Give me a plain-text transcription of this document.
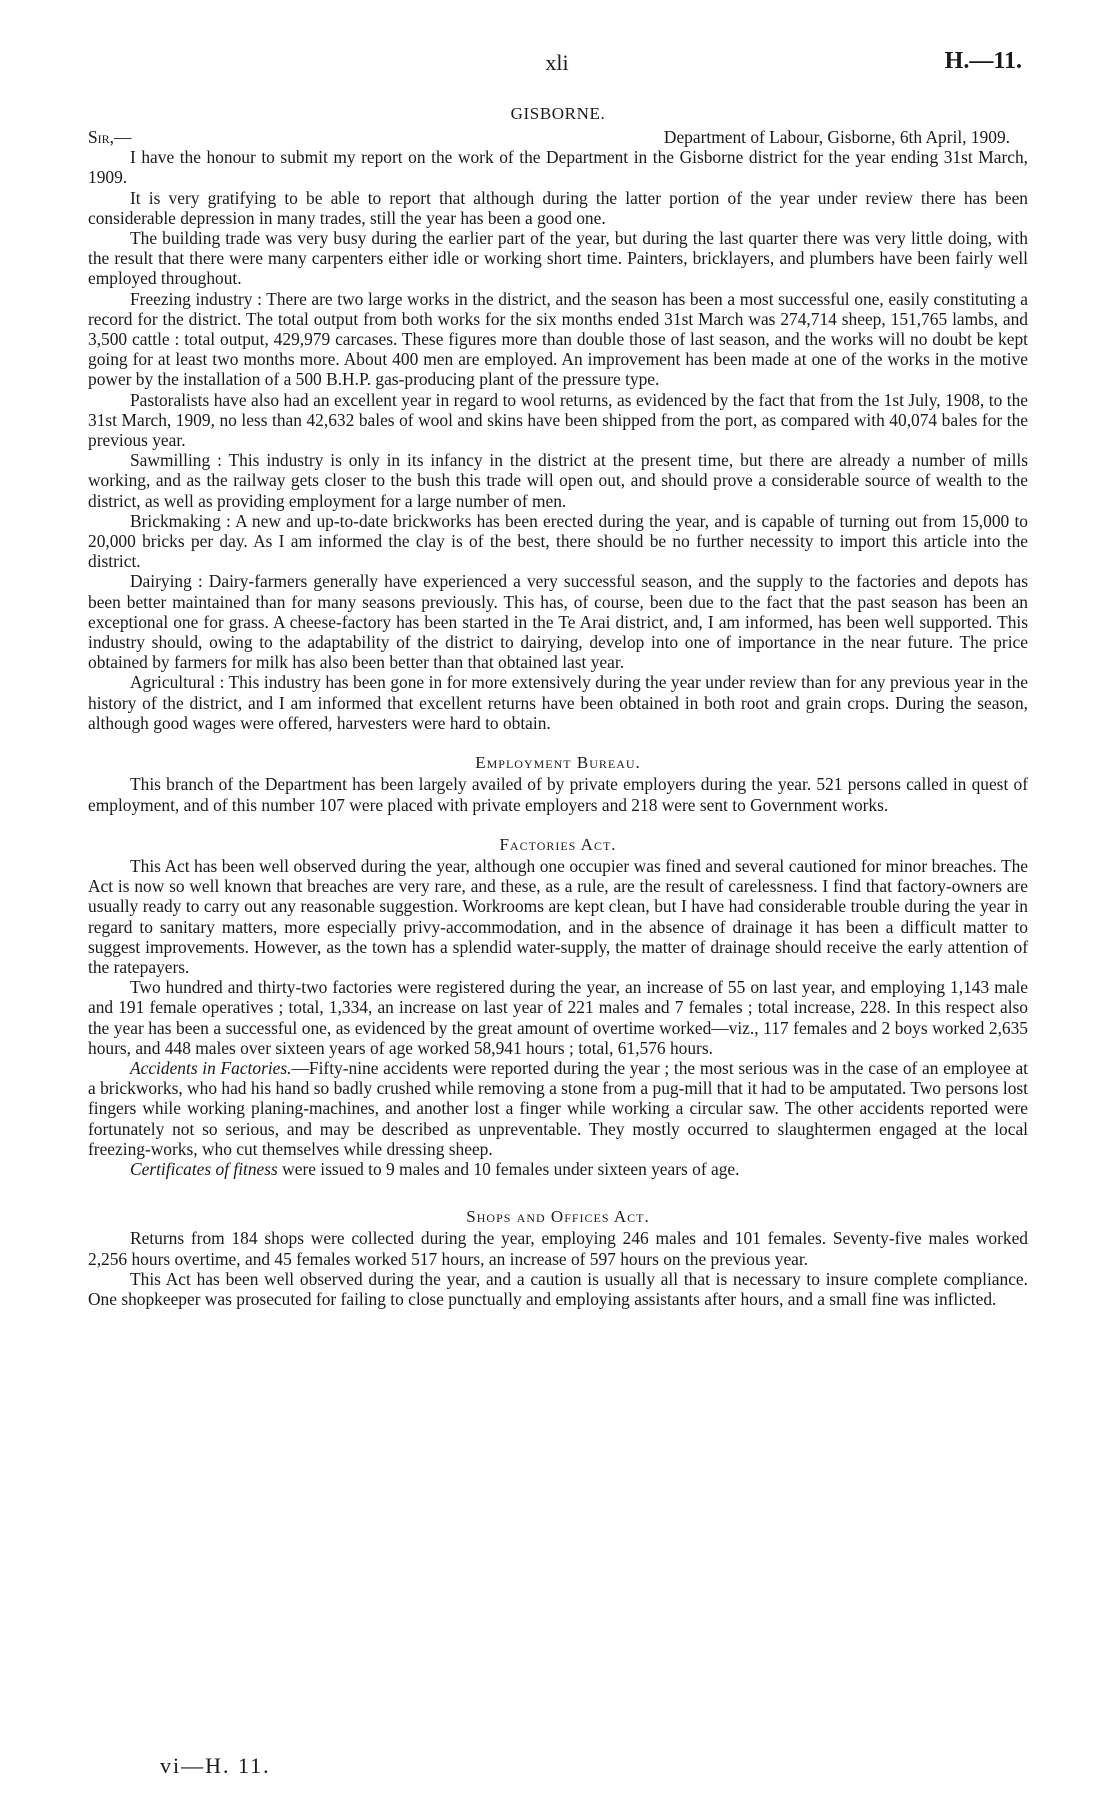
xli	H.—11.
GISBORNE.
Sir,—	Department of Labour, Gisborne, 6th April, 1909.

I have the honour to submit my report on the work of the Department in the Gisborne district for the year ending 31st March, 1909.

It is very gratifying to be able to report that although during the latter portion of the year under review there has been considerable depression in many trades, still the year has been a good one.

The building trade was very busy during the earlier part of the year, but during the last quarter there was very little doing, with the result that there were many carpenters either idle or working short time. Painters, bricklayers, and plumbers have been fairly well employed throughout.

Freezing industry : There are two large works in the district, and the season has been a most successful one, easily constituting a record for the district. The total output from both works for the six months ended 31st March was 274,714 sheep, 151,765 lambs, and 3,500 cattle : total output, 429,979 carcases. These figures more than double those of last season, and the works will no doubt be kept going for at least two months more. About 400 men are employed. An improvement has been made at one of the works in the motive power by the installation of a 500 B.H.P. gas-producing plant of the pressure type.

Pastoralists have also had an excellent year in regard to wool returns, as evidenced by the fact that from the 1st July, 1908, to the 31st March, 1909, no less than 42,632 bales of wool and skins have been shipped from the port, as compared with 40,074 bales for the previous year.

Sawmilling : This industry is only in its infancy in the district at the present time, but there are already a number of mills working, and as the railway gets closer to the bush this trade will open out, and should prove a considerable source of wealth to the district, as well as providing employment for a large number of men.

Brickmaking : A new and up-to-date brickworks has been erected during the year, and is capable of turning out from 15,000 to 20,000 bricks per day. As I am informed the clay is of the best, there should be no further necessity to import this article into the district.

Dairying : Dairy-farmers generally have experienced a very successful season, and the supply to the factories and depots has been better maintained than for many seasons previously. This has, of course, been due to the fact that the past season has been an exceptional one for grass. A cheese-factory has been started in the Te Arai district, and, I am informed, has been well supported. This industry should, owing to the adaptability of the district to dairying, develop into one of importance in the near future. The price obtained by farmers for milk has also been better than that obtained last year.

Agricultural : This industry has been gone in for more extensively during the year under review than for any previous year in the history of the district, and I am informed that excellent returns have been obtained in both root and grain crops. During the season, although good wages were offered, harvesters were hard to obtain.

Employment Bureau.

This branch of the Department has been largely availed of by private employers during the year. 521 persons called in quest of employment, and of this number 107 were placed with private employers and 218 were sent to Government works.

Factories Act.

This Act has been well observed during the year, although one occupier was fined and several cautioned for minor breaches. The Act is now so well known that breaches are very rare, and these, as a rule, are the result of carelessness. I find that factory-owners are usually ready to carry out any reasonable suggestion. Workrooms are kept clean, but I have had considerable trouble during the year in regard to sanitary matters, more especially privy-accommodation, and in the absence of drainage it has been a difficult matter to suggest improvements. However, as the town has a splendid water-supply, the matter of drainage should receive the early attention of the ratepayers.

Two hundred and thirty-two factories were registered during the year, an increase of 55 on last year, and employing 1,143 male and 191 female operatives ; total, 1,334, an increase on last year of 221 males and 7 females ; total increase, 228. In this respect also the year has been a successful one, as evidenced by the great amount of overtime worked—viz., 117 females and 2 boys worked 2,635 hours, and 448 males over sixteen years of age worked 58,941 hours ; total, 61,576 hours.

Accidents in Factories.—Fifty-nine accidents were reported during the year ; the most serious was in the case of an employee at a brickworks, who had his hand so badly crushed while removing a stone from a pug-mill that it had to be amputated. Two persons lost fingers while working planing-machines, and another lost a finger while working a circular saw. The other accidents reported were fortunately not so serious, and may be described as unpreventable. They mostly occurred to slaughtermen engaged at the local freezing-works, who cut themselves while dressing sheep.

Certificates of fitness were issued to 9 males and 10 females under sixteen years of age.

Shops and Offices Act.

Returns from 184 shops were collected during the year, employing 246 males and 101 females. Seventy-five males worked 2,256 hours overtime, and 45 females worked 517 hours, an increase of 597 hours on the previous year.

This Act has been well observed during the year, and a caution is usually all that is necessary to insure complete compliance. One shopkeeper was prosecuted for failing to close punctually and employing assistants after hours, and a small fine was inflicted.

vi—H. 11.
